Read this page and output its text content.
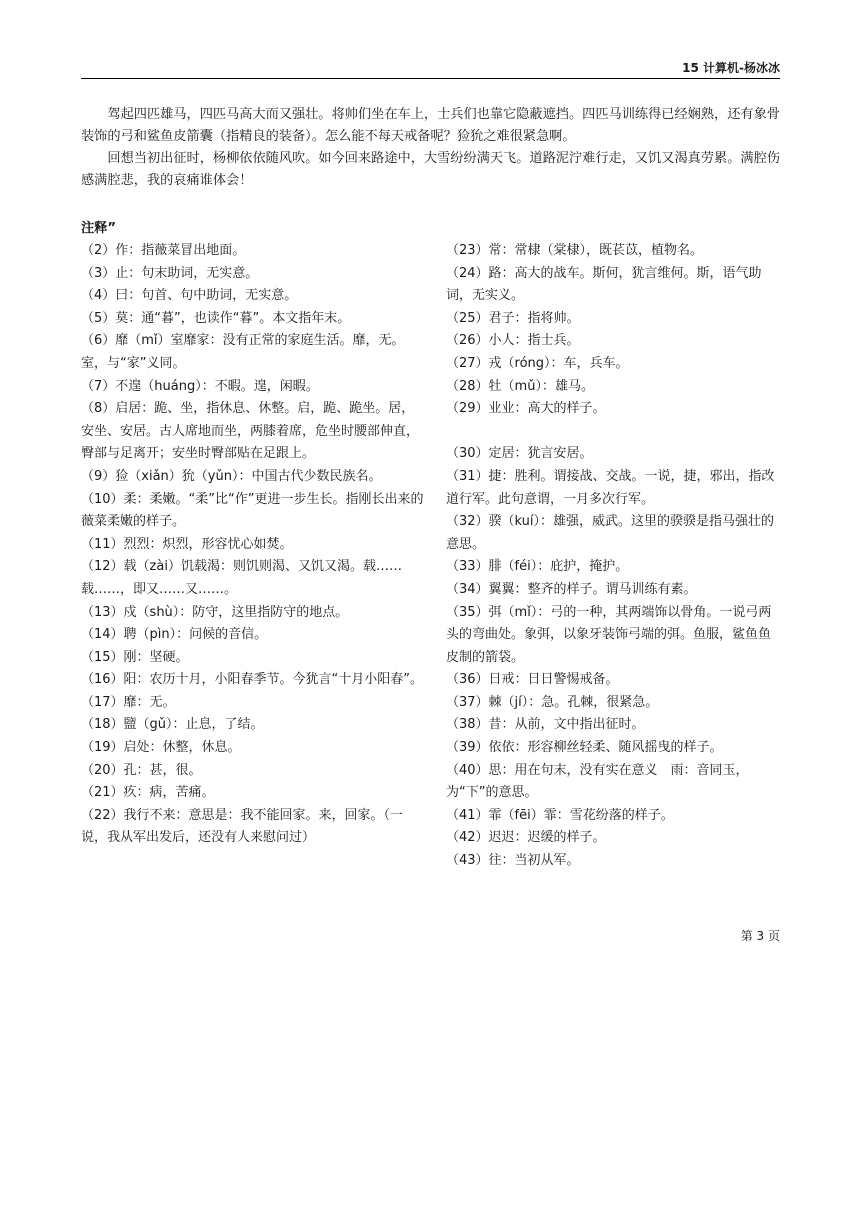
15 计算机-杨冰冰

驾起四匹雄马，四匹马高大而又强壮。将帅们坐在车上，士兵们也靠它隐蔽遮挡。四匹马训练得已经娴熟，还有象骨装饰的弓和鲨鱼皮箭囊（指精良的装备）。怎么能不每天戒备呢？猃狁之难很紧急啊。

回想当初出征时，杨柳依依随风吹。如今回来路途中，大雪纷纷满天飞。道路泥泞难行走，又饥又渴真劳累。满腔伤感满腔悲，我的哀痛谁体会！

注释”
（2）作：指薇菜冒出地面。
（3）止：句末助词，无实意。
（4）曰：句首、句中助词，无实意。
（5）莫：通“暮”，也读作“暮”。本文指年末。
（6）靡（mǐ）室靡家：没有正常的家庭生活。靡，无。室，与“家”义同。
（7）不遑（huáng）：不暇。遑，闲暇。
（8）启居：跪、坐，指休息、休整。启，跪、跪坐。居，安坐、安居。古人席地而坐，两膝着席，危坐时腰部伸直，臀部与足离开；安坐时臀部贴在足跟上。
（9）猃（xiǎn）狁（yǔn）：中国古代少数民族名。
（10）柔：柔嫩。“柔”比“作”更进一步生长。指刚长出来的薇菜柔嫩的样子。
（11）烈烈：炽烈，形容忧心如焚。
（12）载（zài）饥载渴：则饥则渴、又饥又渴。载……载……，即又……又……。
（13）戍（shù）：防守，这里指防守的地点。
（14）聘（pìn）：问候的音信。
（15）刚：坚硬。
（16）阳：农历十月，小阳春季节。今犹言“十月小阳春”。
（17）靡：无。
（18）盬（gǔ）：止息，了结。
（19）启处：休整，休息。
（20）孔：甚，很。
（21）疚：病，苦痛。
（22）我行不来：意思是：我不能回家。来，回家。（一说，我从军出发后，还没有人来慰问过）
（23）常：常棣（棠棣），既苌苡，植物名。
（24）路：高大的战车。斯何，犹言维何。斯，语气助词，无实义。
（25）君子：指将帅。
（26）小人：指士兵。
（27）戎（róng）：车，兵车。
（28）牡（mǔ）：雄马。
（29）业业：高大的样子。
（30）定居：犹言安居。
（31）捷：胜利。谓接战、交战。一说，捷，邪出，指改道行军。此句意谓，一月多次行军。
（32）骙（kuí）：雄强，威武。这里的骙骙是指马强壮的意思。
（33）腓（féi）：庇护，掩护。
（34）翼翼：整齐的样子。谓马训练有素。
（35）弭（mǐ）：弓的一种，其两端饰以骨角。一说弓两头的弯曲处。象弭，以象牙装饰弓端的弭。鱼服，鲨鱼鱼皮制的箭袋。
（36）日戒：日日警惕戒备。
（37）棘（jí）：急。孔棘，很紧急。
（38）昔：从前，文中指出征时。
（39）依依：形容柳丝轻柔、随风摇曳的样子。
（40）思：用在句末，没有实在意义　雨：音同玉，为“下”的意思。
（41）霏（fēi）霏：雪花纷落的样子。
（42）迟迟：迟缓的样子。
（43）往：当初从军。
第 3 页
